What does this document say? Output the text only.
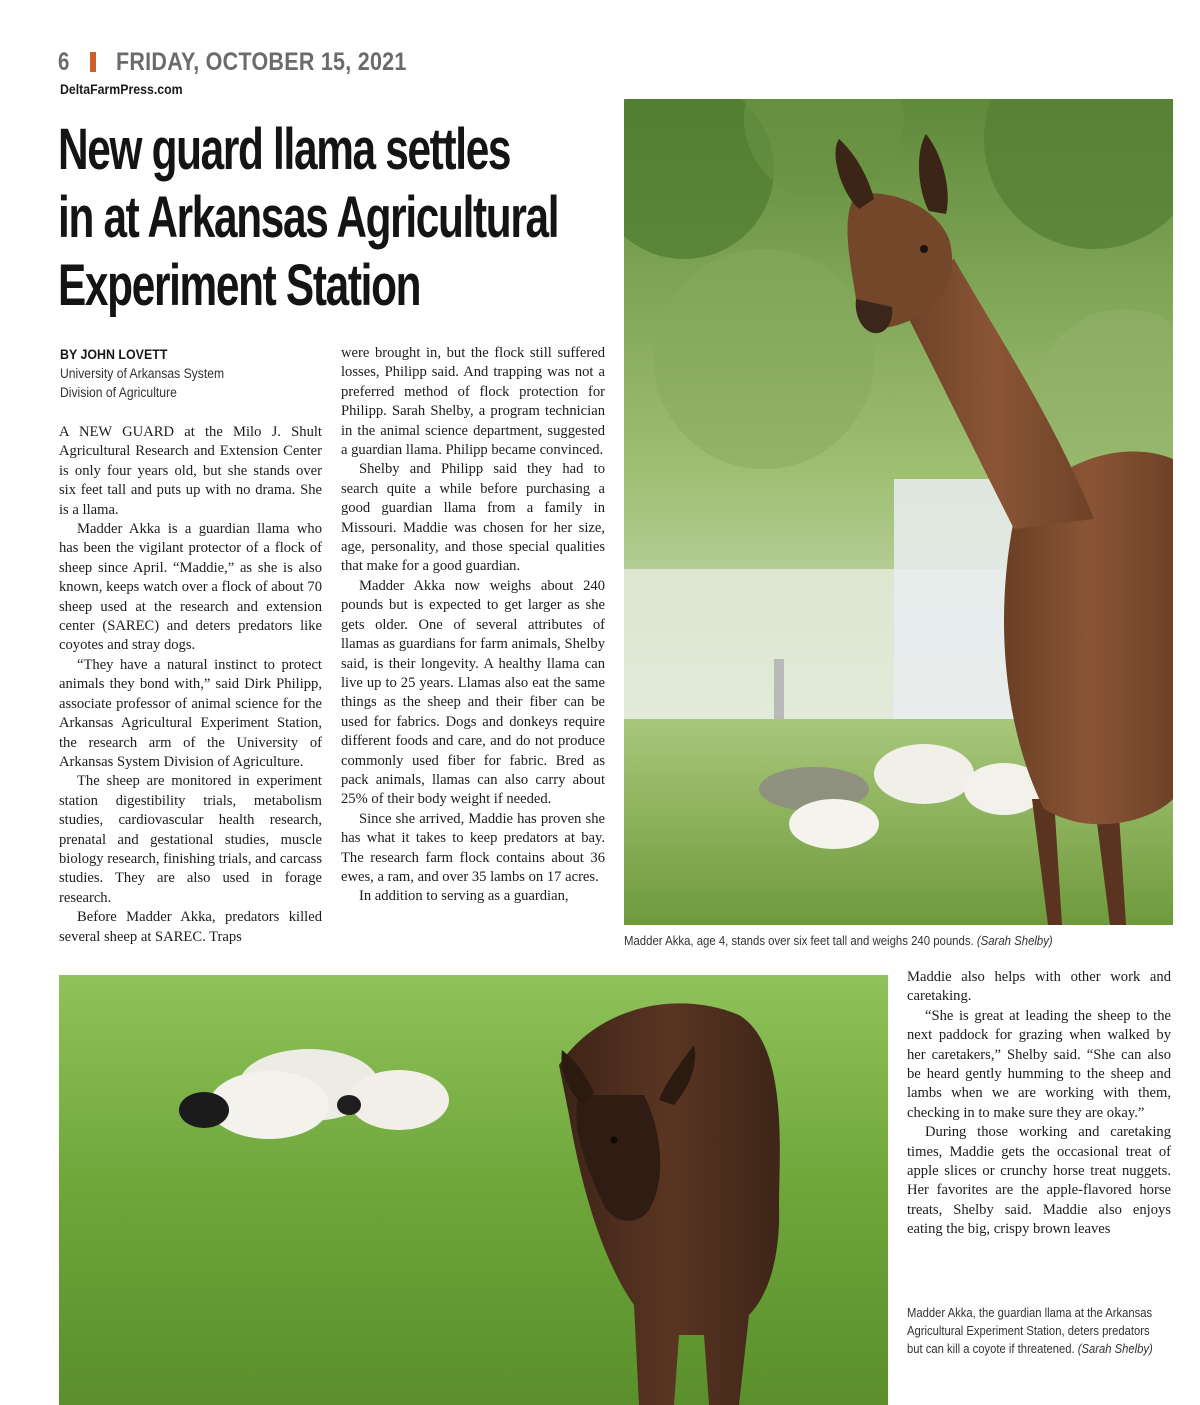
6 FRIDAY, OCTOBER 15, 2021
DeltaFarmPress.com
New guard llama settles
in at Arkansas Agricultural
Experiment Station
BY JOHN LOVETT
University of Arkansas System
Division of Agriculture

A NEW GUARD at the Milo J. Shult Agricultural Research and Extension Center is only four years old, but she stands over six feet tall and puts up with no drama. She is a llama.

Madder Akka is a guardian llama who has been the vigilant protector of a flock of sheep since April. “Maddie,” as she is also known, keeps watch over a flock of about 70 sheep used at the research and extension center (SAREC) and deters predators like coyotes and stray dogs.

“They have a natural instinct to protect animals they bond with,” said Dirk Philipp, associate professor of animal science for the Arkansas Agricultural Experiment Station, the research arm of the University of Arkansas System Division of Agriculture.

The sheep are monitored in experiment station digestibility trials, metabolism studies, cardiovascular health research, prenatal and gestational studies, muscle biology research, finishing trials, and carcass studies. They are also used in forage research.

Before Madder Akka, predators killed several sheep at SAREC. Traps

were brought in, but the flock still suffered losses, Philipp said. And trapping was not a preferred method of flock protection for Philipp. Sarah Shelby, a program technician in the animal science department, suggested a guardian llama. Philipp became convinced.

Shelby and Philipp said they had to search quite a while before purchasing a good guardian llama from a family in Missouri. Maddie was chosen for her size, age, personality, and those special qualities that make for a good guardian.

Madder Akka now weighs about 240 pounds but is expected to get larger as she gets older. One of several attributes of llamas as guardians for farm animals, Shelby said, is their longevity. A healthy llama can live up to 25 years. Llamas also eat the same things as the sheep and their fiber can be used for fabrics. Dogs and donkeys require different foods and care, and do not produce commonly used fiber for fabric. Bred as pack animals, llamas can also carry about 25% of their body weight if needed.

Since she arrived, Maddie has proven she has what it takes to keep predators at bay. The research farm flock contains about 36 ewes, a ram, and over 35 lambs on 17 acres.

In addition to serving as a guardian,

Maddie also helps with other work and caretaking.

“She is great at leading the sheep to the next paddock for grazing when walked by her caretakers,” Shelby said. “She can also be heard gently humming to the sheep and lambs when we are working with them, checking in to make sure they are okay.”

During those working and caretaking times, Maddie gets the occasional treat of apple slices or crunchy horse treat nuggets. Her favorites are the apple-flavored horse treats, Shelby said. Maddie also enjoys eating the big, crispy brown leaves

Madder Akka, age 4, stands over six feet tall and weighs 240 pounds. (Sarah Shelby)
Madder Akka, the guardian llama at the Arkansas Agricultural Experiment Station, deters predators but can kill a coyote if threatened. (Sarah Shelby)
